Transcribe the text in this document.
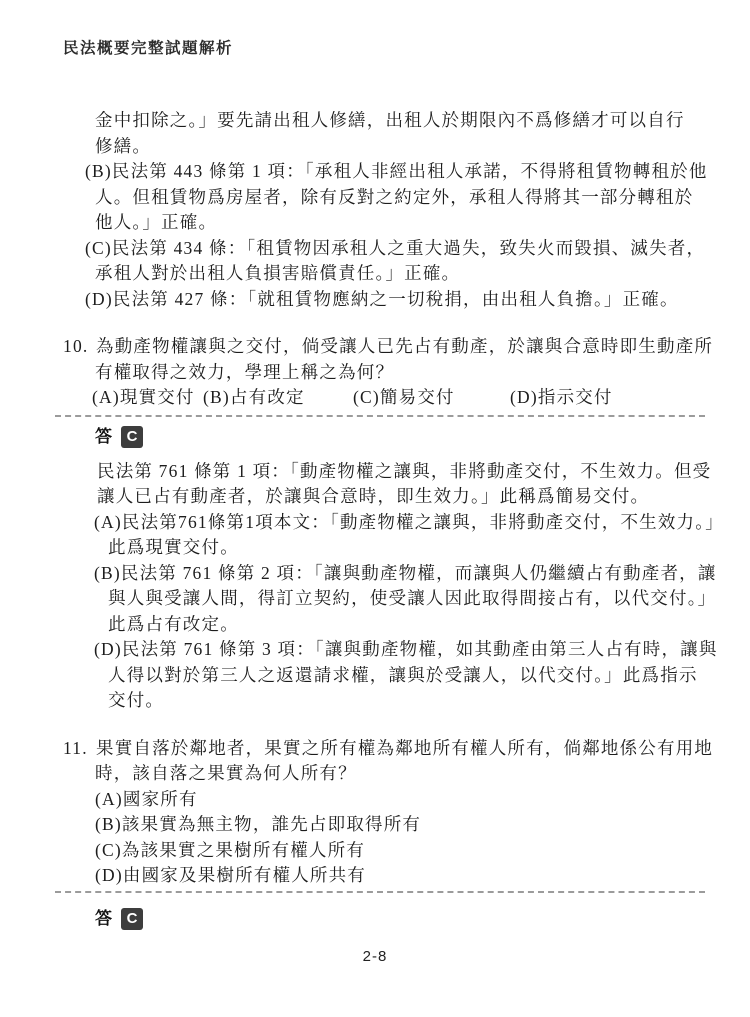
民法概要完整試題解析
金中扣除之。」要先請出租人修繕，出租人於期限內不爲修繕才可以自行
修繕。
(B)民法第 443 條第 1 項：「承租人非經出租人承諾，不得將租賃物轉租於他
人。但租賃物爲房屋者，除有反對之約定外，承租人得將其一部分轉租於
他人。」正確。
(C)民法第 434 條：「租賃物因承租人之重大過失，致失火而毀損、滅失者，
承租人對於出租人負損害賠償責任。」正確。
(D)民法第 427 條：「就租賃物應納之一切稅捐，由出租人負擔。」正確。
10. 為動產物權讓與之交付，倘受讓人已先占有動產，於讓與合意時即生動產所
有權取得之效力，學理上稱之為何？
(A)現實交付 (B)占有改定	(C)簡易交付	(D)指示交付
答 C
民法第 761 條第 1 項：「動產物權之讓與，非將動產交付，不生效力。但受
讓人已占有動產者，於讓與合意時，即生效力。」此稱爲簡易交付。
(A)民法第761條第1項本文：「動產物權之讓與，非將動產交付，不生效力。」
此爲現實交付。
(B)民法第 761 條第 2 項：「讓與動產物權，而讓與人仍繼續占有動產者，讓
與人與受讓人間，得訂立契約，使受讓人因此取得間接占有，以代交付。」
此爲占有改定。
(D)民法第 761 條第 3 項：「讓與動產物權，如其動產由第三人占有時，讓與
人得以對於第三人之返還請求權，讓與於受讓人，以代交付。」此爲指示
交付。
11. 果實自落於鄰地者，果實之所有權為鄰地所有權人所有，倘鄰地係公有用地
時，該自落之果實為何人所有？
(A)國家所有
(B)該果實為無主物，誰先占即取得所有
(C)為該果實之果樹所有權人所有
(D)由國家及果樹所有權人所共有
答 C
2-8
